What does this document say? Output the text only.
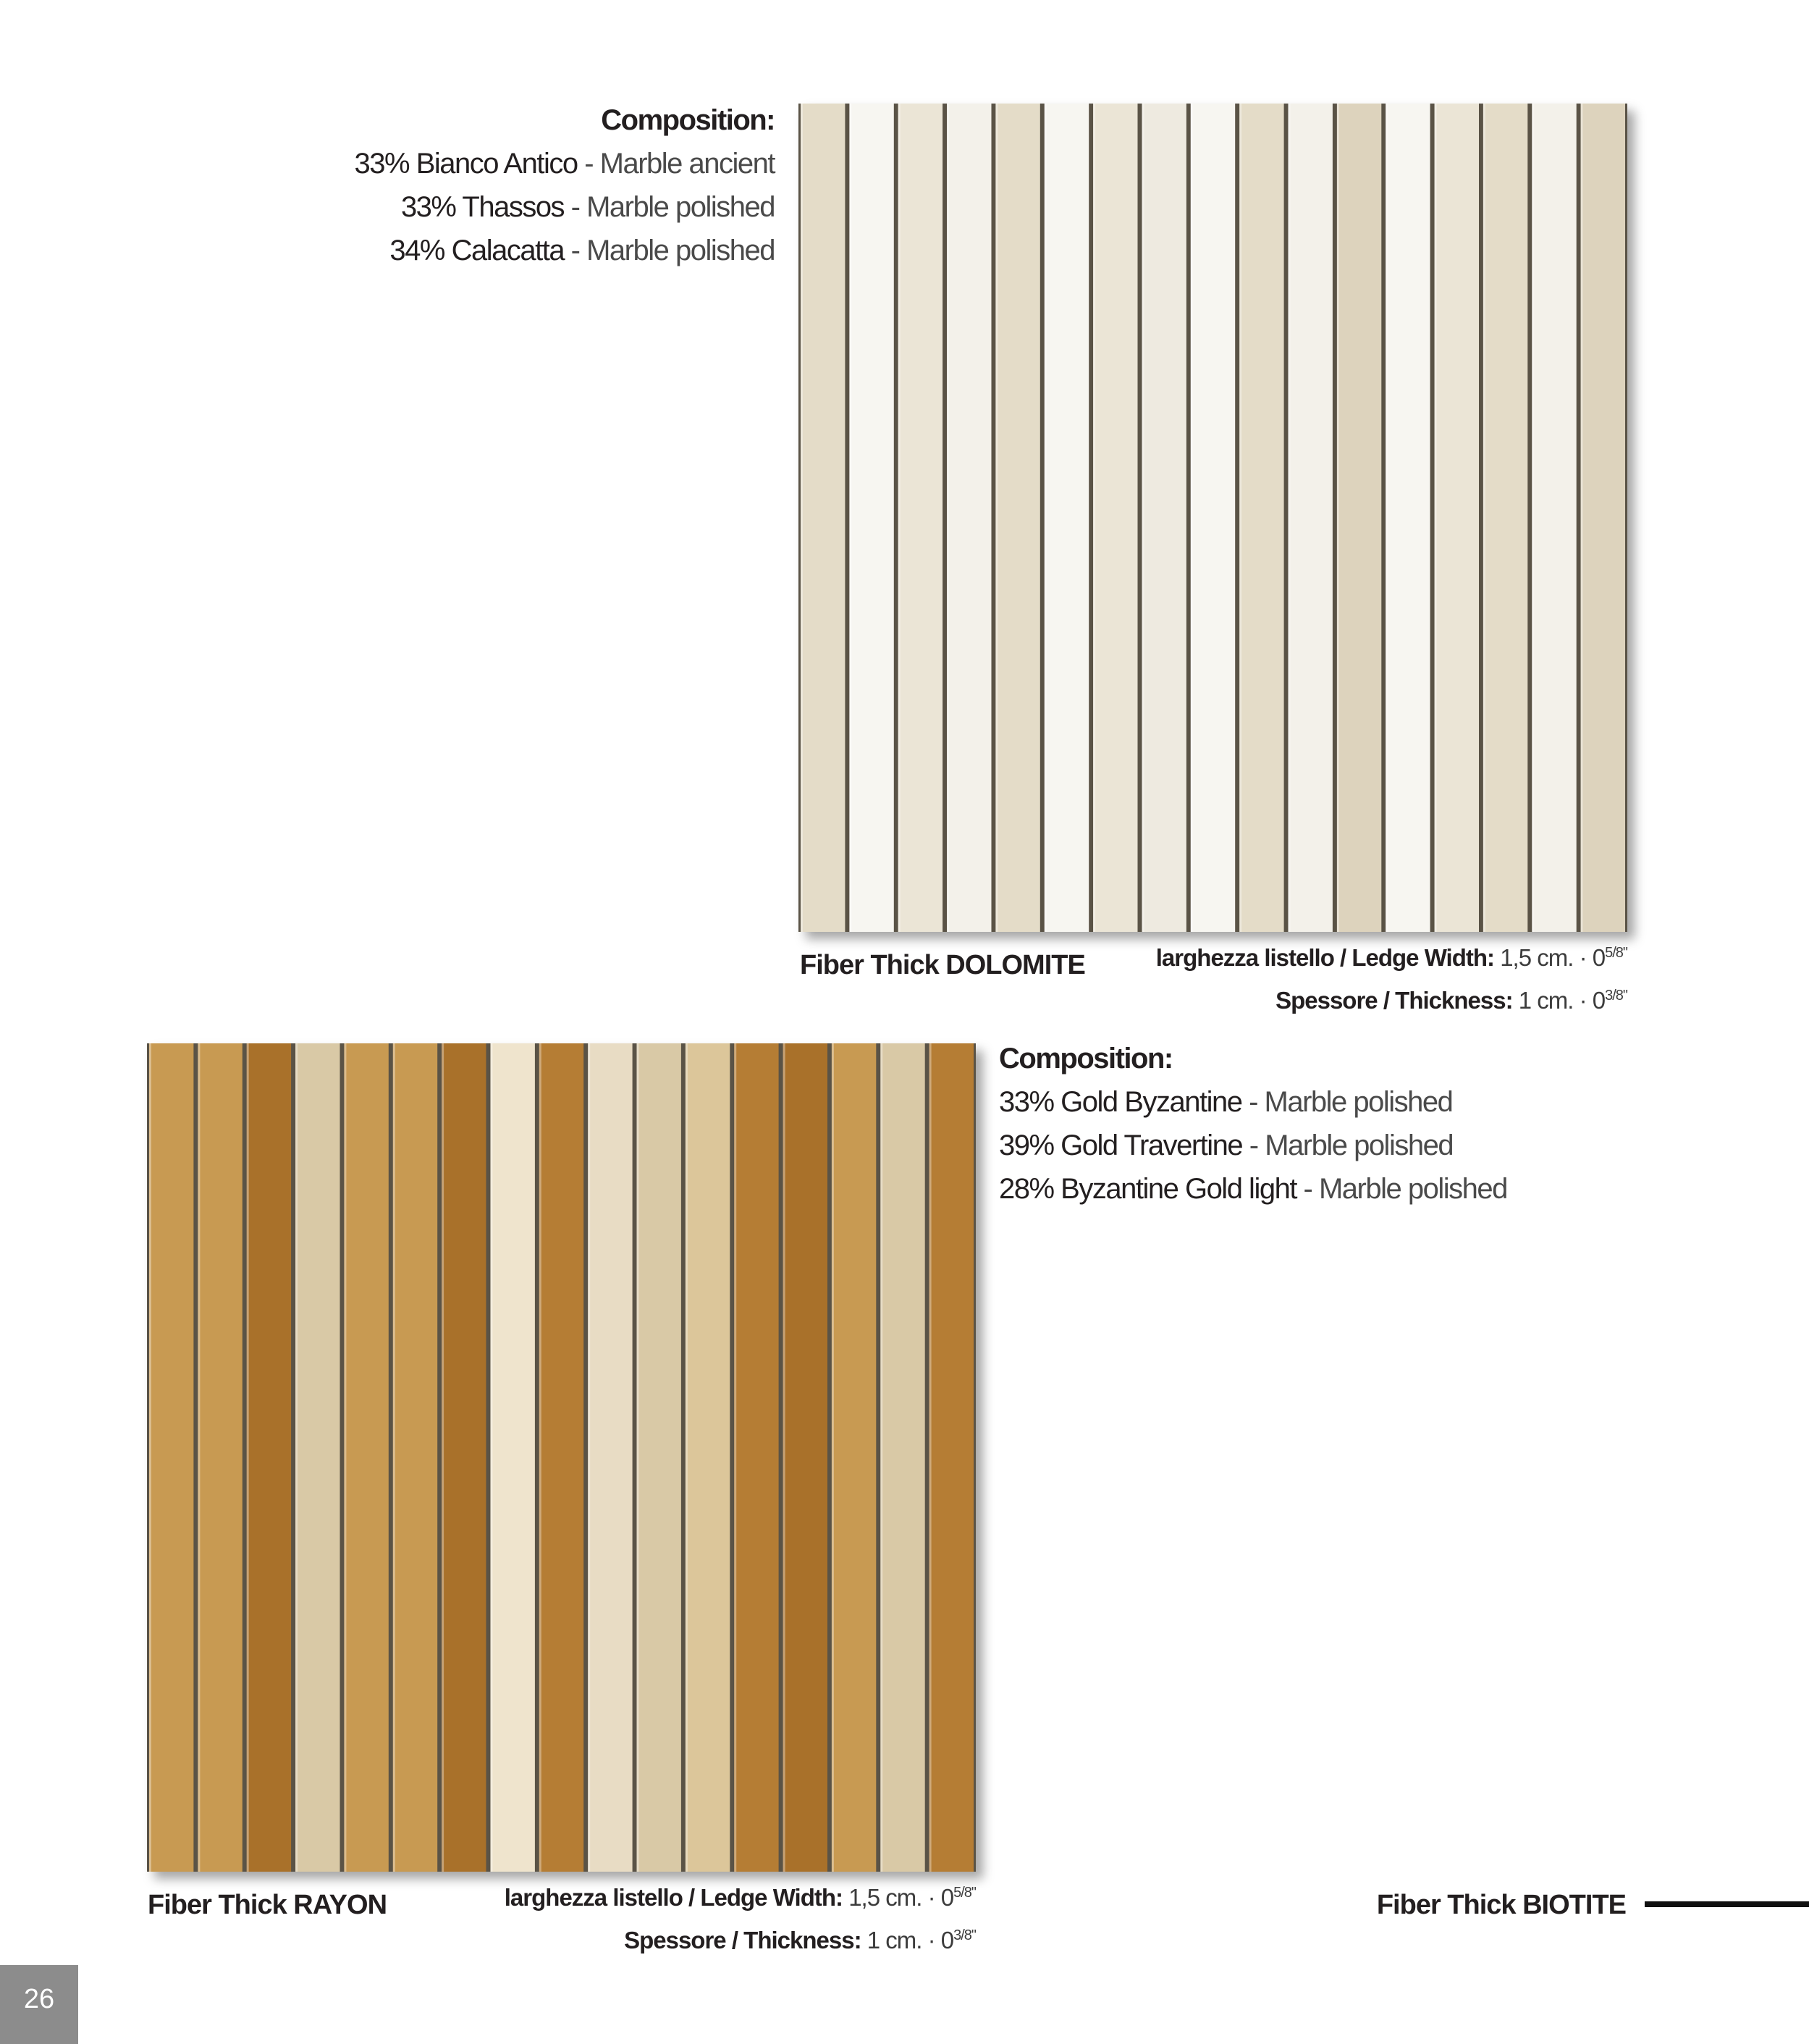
Composition:
33% Bianco Antico - Marble ancient
33% Thassos - Marble polished
34% Calacatta - Marble polished
Fiber Thick DOLOMITE	larghezza listello / Ledge Width: 1,5 cm. · $0^{5/8"}$
Spessore / Thickness: 1 cm. · $0^{3/8"}$
Composition:
33% Gold Byzantine - Marble polished
39% Gold Travertine - Marble polished
28% Byzantine Gold light - Marble polished
Fiber Thick RAYON	larghezza listello / Ledge Width: 1,5 cm. · $0^{5/8"}$
Spessore / Thickness: 1 cm. · $0^{3/8"}$
Fiber Thick BIOTITE
26
